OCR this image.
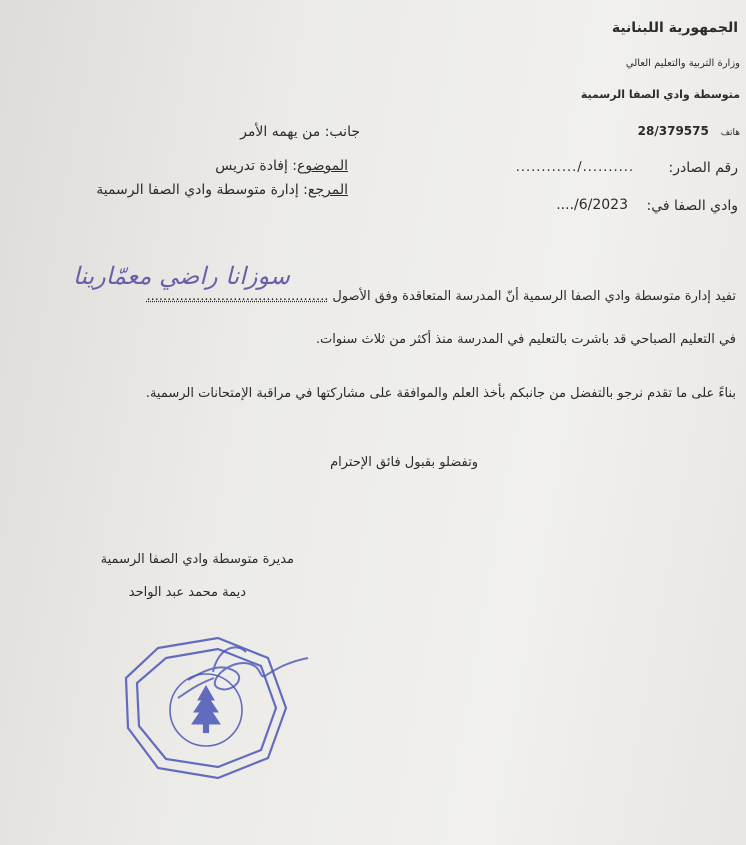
الجمهورية اللبنانية
وزارة التربية والتعليم العالي
متوسطة وادي الصفا الرسمية
هاتف 28/379575
رقم الصادر:
............/..........
وادي الصفا في:
..../6/2023
جانب: من يهمه الأمر
الموضوع: إفادة تدريس
المرجع: إدارة متوسطة وادي الصفا الرسمية
تفيد إدارة متوسطة وادي الصفا الرسمية أنّ المدرسة المتعاقدة وفق الأصول............................................
سوزانا راضي معمّارينا
في التعليم الصباحي قد باشرت بالتعليم في المدرسة منذ أكثر من ثلاث سنوات.
بناءً على ما تقدم نرجو بالتفضل من جانبكم بأخذ العلم والموافقة على مشاركتها في مراقبة الإمتحانات الرسمية.
وتفضلو بقبول فائق الإحترام
مديرة متوسطة وادي الصفا الرسمية
ديمة محمد عبد الواحد
